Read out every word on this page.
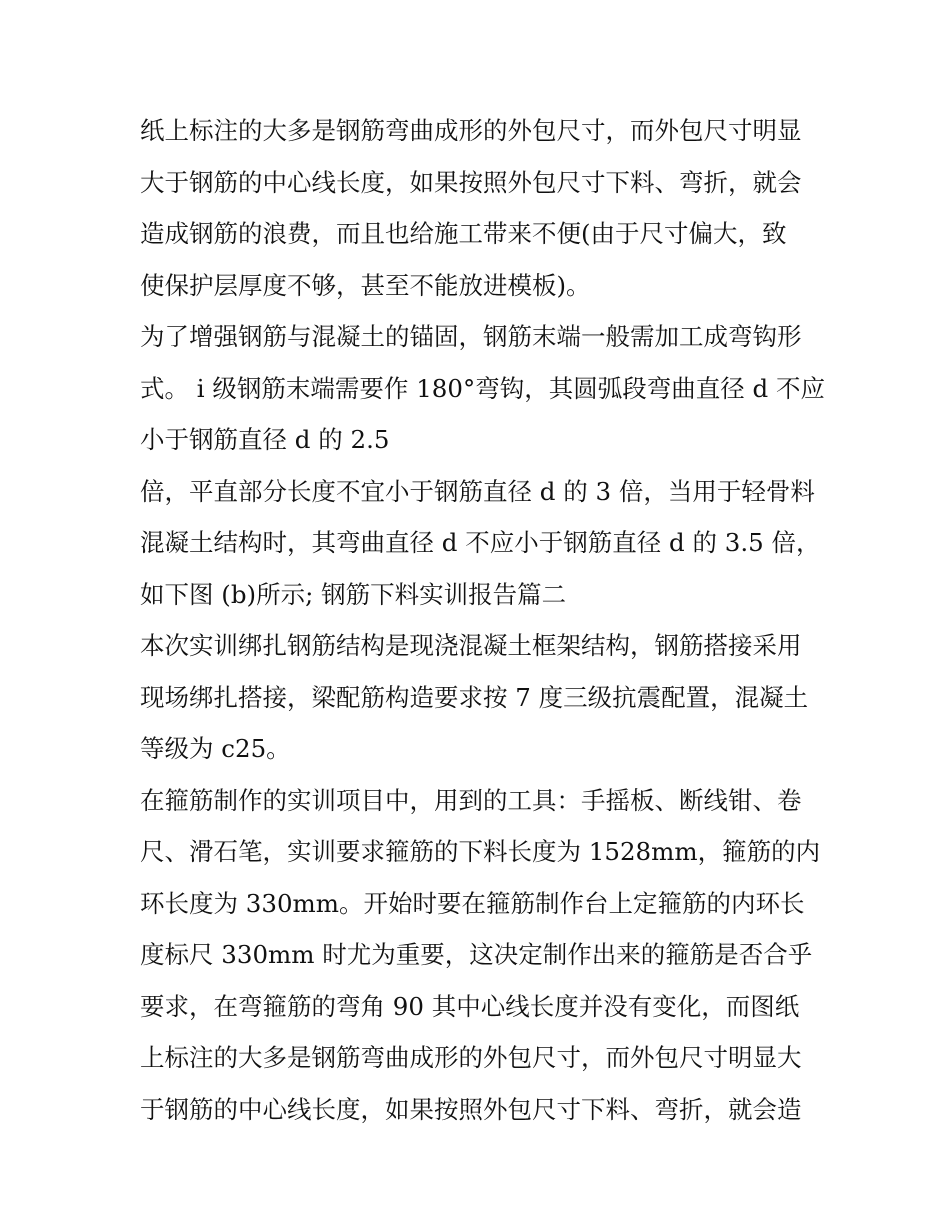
纸上标注的大多是钢筋弯曲成形的外包尺寸，而外包尺寸明显
大于钢筋的中心线长度，如果按照外包尺寸下料、弯折，就会
造成钢筋的浪费，而且也给施工带来不便(由于尺寸偏大，致
使保护层厚度不够，甚至不能放进模板)。
为了增强钢筋与混凝土的锚固，钢筋末端一般需加工成弯钩形
式。 i 级钢筋末端需要作 180°弯钩，其圆弧段弯曲直径 d 不应
小于钢筋直径 d 的 2.5
倍，平直部分长度不宜小于钢筋直径 d 的 3 倍，当用于轻骨料
混凝土结构时，其弯曲直径 d 不应小于钢筋直径 d 的 3.5 倍，
如下图 (b)所示; 钢筋下料实训报告篇二
本次实训绑扎钢筋结构是现浇混凝土框架结构，钢筋搭接采用
现场绑扎搭接，梁配筋构造要求按 7 度三级抗震配置，混凝土
等级为 c25。
在箍筋制作的实训项目中，用到的工具：手摇板、断线钳、卷
尺、滑石笔，实训要求箍筋的下料长度为 1528mm，箍筋的内
环长度为 330mm。开始时要在箍筋制作台上定箍筋的内环长
度标尺 330mm 时尤为重要，这决定制作出来的箍筋是否合乎
要求，在弯箍筋的弯角 90 其中心线长度并没有变化，而图纸
上标注的大多是钢筋弯曲成形的外包尺寸，而外包尺寸明显大
于钢筋的中心线长度，如果按照外包尺寸下料、弯折，就会造
